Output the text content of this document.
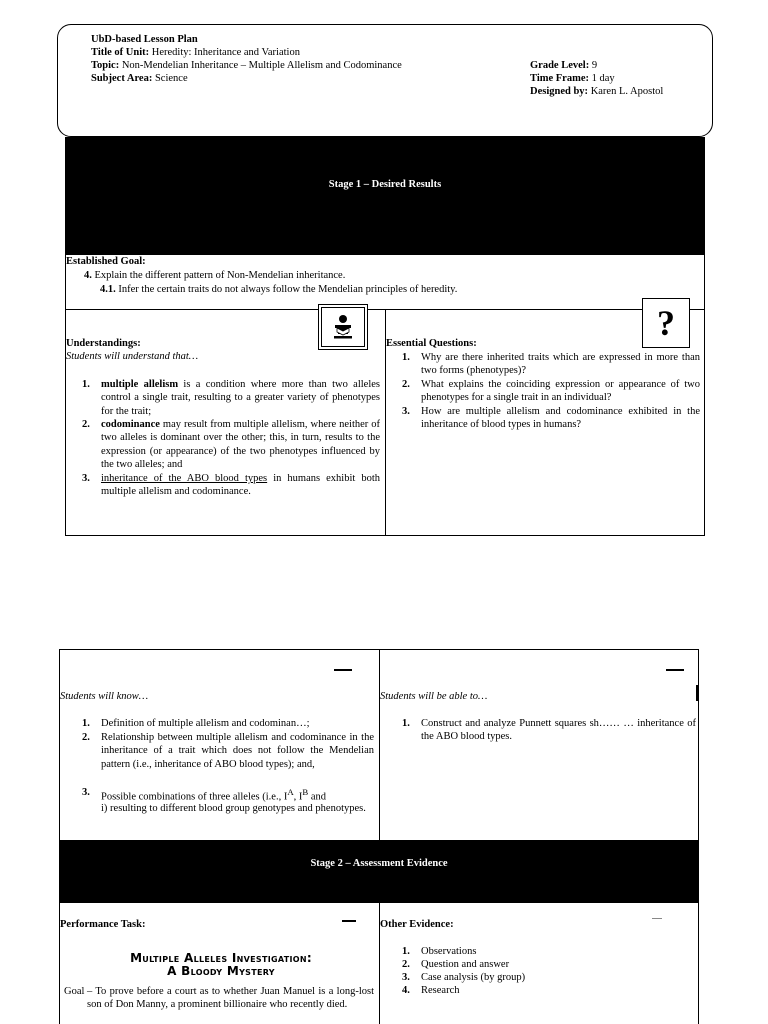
UbD-based Lesson Plan
Title of Unit: Heredity: Inheritance and Variation
Topic: Non-Mendelian Inheritance – Multiple Allelism and Codominance
Subject Area: Science
Grade Level: 9
Time Frame: 1 day
Designed by: Karen L. Apostol
Stage 1 – Desired Results
Established Goal:
4. Explain the different pattern of Non-Mendelian inheritance.
4.1. Infer the certain traits do not always follow the Mendelian principles of heredity.
Understandings:
Students will understand that…
1. multiple allelism is a condition where more than two alleles control a single trait, resulting to a greater variety of phenotypes for the trait;
2. codominance may result from multiple allelism, where neither of two alleles is dominant over the other; this, in turn, results to the expression (or appearance) of the two phenotypes influenced by the two alleles; and
3. inheritance of the ABO blood types in humans exhibit both multiple allelism and codominance.
Essential Questions:
1. Why are there inherited traits which are expressed in more than two forms (phenotypes)?
2. What explains the coinciding expression or appearance of two phenotypes for a single trait in an individual?
3. How are multiple allelism and codominance exhibited in the inheritance of blood types in humans?
?
Students will know…
1. Definition of multiple allelism and codominan…;
2. Relationship between multiple allelism and codominance in the inheritance of a trait which does not follow the Mendelian pattern (i.e., inheritance of ABO blood types); and,
3. Possible combinations of three alleles (i.e., $I^A$, $I^B$ and
i) resulting to different blood group genotypes and phenotypes.
Students will be able to…
1. Construct and analyze Punnett squares sh…… … inheritance of the ABO blood types.
Stage 2 – Assessment Evidence
Performance Task:
Multiple Alleles Investigation:
A Bloody Mystery
Goal – To prove before a court as to whether Juan Manuel is a long-lost son of Don Manny, a prominent billionaire who recently died.
Other Evidence:
1. Observations
2. Question and answer
3. Case analysis (by group)
4. Research
